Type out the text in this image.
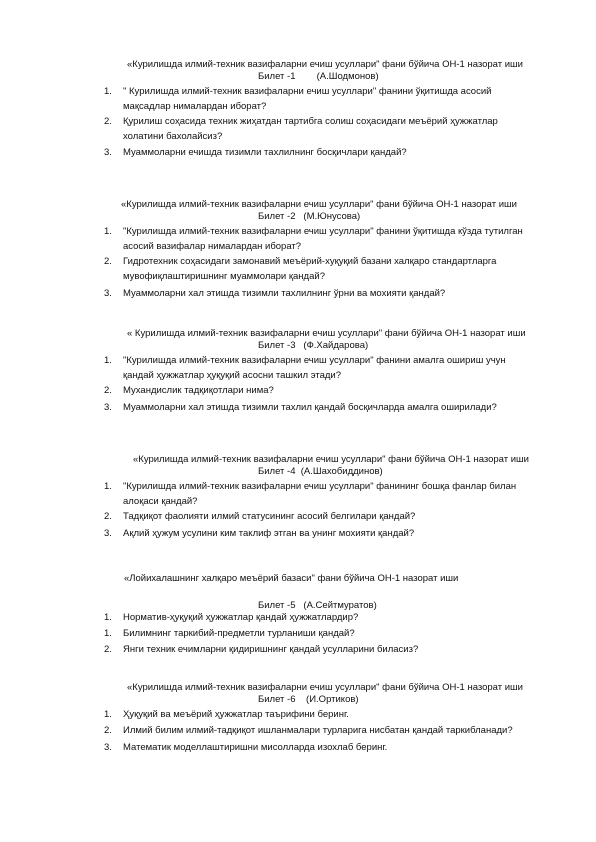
«Курилишда илмий-техник вазифаларни ечиш усуллари" фани бўйича ОН-1 назорат иши
Билет -1        (А.Шодмонов)
1. " Курилишда илмий-техник вазифаларни ечиш усуллари" фанини ўқитишда асосий
мақсадлар нималардан иборат?
2. Қурилиш соҳасида техник жиҳатдан тартибга солиш соҳасидаги меъёрий ҳужжатлар
холатини бахолайсиз?
3. Муаммоларни ечишда тизимли тахлилнинг босқичлари қандай?
«Курилишда илмий-техник вазифаларни ечиш усуллари" фани бўйича ОН-1 назорат иши
Билет -2   (М.Юнусова)
1. "Курилишда илмий-техник вазифаларни ечиш усуллари" фанини ўқитишда кўзда тутилган
асосий вазифалар нималардан иборат?
2. Гидротехник соҳасидаги замонавий меъёрий-хуқуқий базани халқаро стандартларга
мувофиқлаштиришнинг муаммолари қандай?
3. Муаммоларни хал этишда тизимли тахлилнинг ўрни ва мохияти қандай?
« Курилишда илмий-техник вазифаларни ечиш усуллари" фани бўйича ОН-1 назорат иши
Билет -3   (Ф.Хайдарова)
1. "Курилишда илмий-техник вазифаларни ечиш усуллари" фанини амалга ошириш учун
қандай ҳужжатлар ҳуқуқий асосни ташкил этади?
2. Мухандислик тадқиқотлари нима?
3. Муаммоларни хал этишда тизимли тахлил қандай босқичларда амалга оширилади?
«Курилишда илмий-техник вазифаларни ечиш усуллари" фани бўйича ОН-1 назорат иши
Билет -4  (А.Шахобиддинов)
1. "Курилишда илмий-техник вазифаларни ечиш усуллари" фанининг бошқа фанлар билан
алоқаси қандай?
2. Тадқиқот фаолияти илмий статусининг асосий белгилари қандай?
3. Ақлий ҳужум усулини ким таклиф этган ва унинг мохияти қандай?
«Лойихалашнинг халқаро меъёрий базаси" фани бўйича ОН-1 назорат иши
Билет -5   (А.Сейтмуратов)
1. Норматив-ҳуқуқий ҳужжатлар қандай ҳужжатлардир?
1. Билимнинг таркибий-предметли турланиши қандай?
2. Янги техник ечимларни қидиришнинг қандай усулларини биласиз?
«Курилишда илмий-техник вазифаларни ечиш усуллари" фани бўйича ОН-1 назорат иши
Билет -6    (И.Ортиков)
1. Ҳуқуқий ва меъёрий ҳужжатлар таърифини беринг.
2. Илмий билим илмий-тадқиқот ишланмалари турларига нисбатан қандай таркибланади?
3. Математик моделлаштиришни мисолларда изохлаб беринг.
